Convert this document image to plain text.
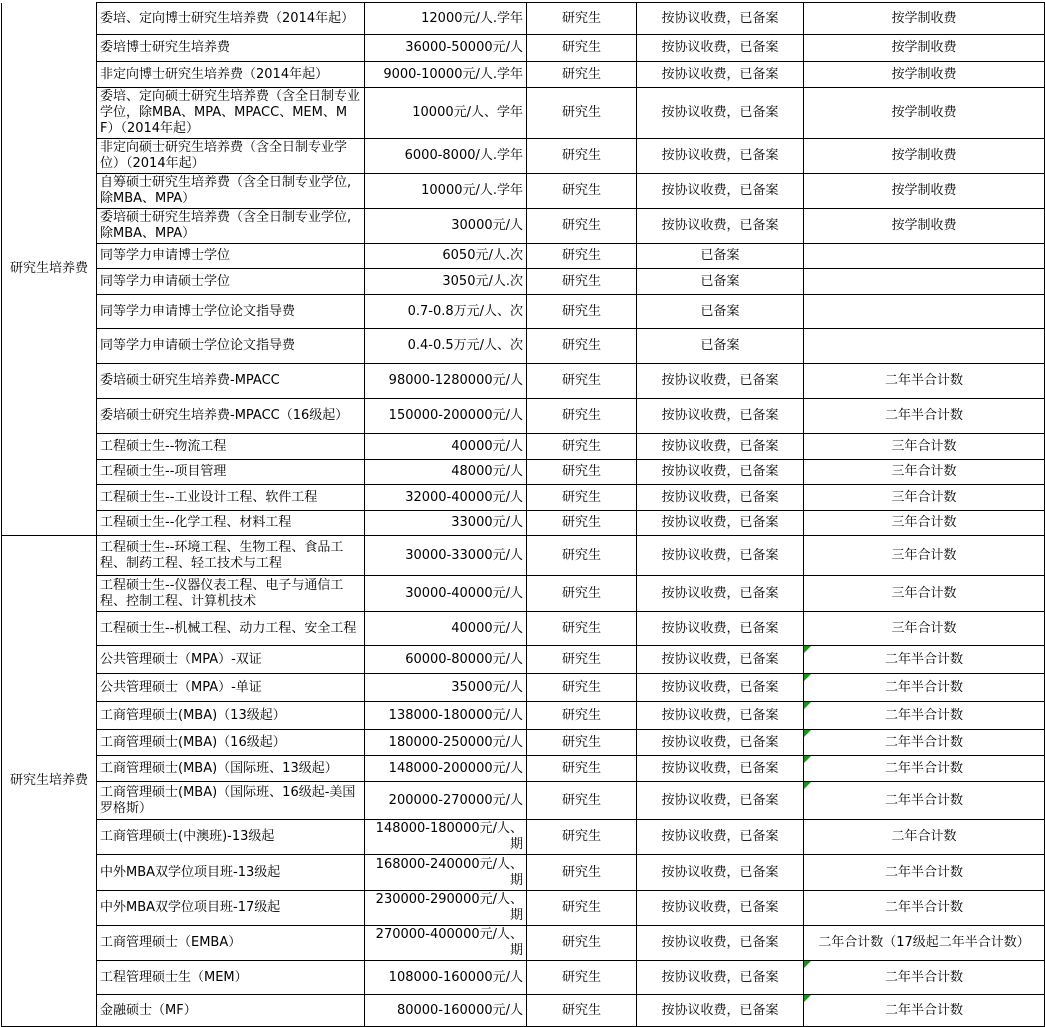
研究生培养费	委培、定向博士研究生培养费（2014年起）	12000元/人.学年	研究生	按协议收费，已备案	按学制收费
	委培博士研究生培养费	36000-50000元/人	研究生	按协议收费，已备案	按学制收费
	非定向博士研究生培养费（2014年起）	9000-10000元/人.学年	研究生	按协议收费，已备案	按学制收费
	委培、定向硕士研究生培养费（含全日制专业学位，除MBA、MPA、MPACC、MEM、MF）（2014年起）	10000元/人、学年	研究生	按协议收费，已备案	按学制收费
	非定向硕士研究生培养费（含全日制专业学位）（2014年起）	6000-8000/人.学年	研究生	按协议收费，已备案	按学制收费
	自筹硕士研究生培养费（含全日制专业学位,除MBA、MPA）	10000元/人.学年	研究生	按协议收费，已备案	按学制收费
	委培硕士研究生培养费（含全日制专业学位,除MBA、MPA）	30000元/人	研究生	按协议收费，已备案	按学制收费
	同等学力申请博士学位	6050元/人.次	研究生	已备案	
	同等学力申请硕士学位	3050元/人.次	研究生	已备案	
	同等学力申请博士学位论文指导费	0.7-0.8万元/人、次	研究生	已备案	
	同等学力申请硕士学位论文指导费	0.4-0.5万元/人、次	研究生	已备案	
	委培硕士研究生培养费-MPACC	98000-1280000元/人	研究生	按协议收费，已备案	二年半合计数
	委培硕士研究生培养费-MPACC（16级起）	150000-200000元/人	研究生	按协议收费，已备案	二年半合计数
	工程硕士生--物流工程	40000元/人	研究生	按协议收费，已备案	三年合计数
	工程硕士生--项目管理	48000元/人	研究生	按协议收费，已备案	三年合计数
	工程硕士生--工业设计工程、软件工程	32000-40000元/人	研究生	按协议收费，已备案	三年合计数
	工程硕士生--化学工程、材料工程	33000元/人	研究生	按协议收费，已备案	三年合计数
研究生培养费	工程硕士生--环境工程、生物工程、食品工程、制药工程、轻工技术与工程	30000-33000元/人	研究生	按协议收费，已备案	三年合计数
	工程硕士生--仪器仪表工程、电子与通信工程、控制工程、计算机技术	30000-40000元/人	研究生	按协议收费，已备案	三年合计数
	工程硕士生--机械工程、动力工程、安全工程	40000元/人	研究生	按协议收费，已备案	三年合计数
	公共管理硕士（MPA）-双证	60000-80000元/人	研究生	按协议收费，已备案	二年半合计数

	公共管理硕士（MPA）-单证	35000元/人	研究生	按协议收费，已备案	二年半合计数

	工商管理硕士(MBA)（13级起）	138000-180000元/人	研究生	按协议收费，已备案	二年半合计数

	工商管理硕士(MBA)（16级起）	180000-250000元/人	研究生	按协议收费，已备案	二年半合计数

	工商管理硕士(MBA)（国际班、13级起）	148000-200000元/人	研究生	按协议收费，已备案	二年半合计数

	工商管理硕士(MBA)（国际班、16级起-美国罗格斯）	200000-270000元/人	研究生	按协议收费，已备案	二年半合计数

	工商管理硕士(中澳班)-13级起	148000-180000元/人、期	研究生	按协议收费，已备案	二年合计数
	中外MBA双学位项目班-13级起	168000-240000元/人、期	研究生	按协议收费，已备案	二年半合计数
	中外MBA双学位项目班-17级起	230000-290000元/人、期	研究生	按协议收费，已备案	二年半合计数
	工商管理硕士（EMBA）	270000-400000元/人、期	研究生	按协议收费，已备案	二年合计数（17级起二年半合计数）
	工程管理硕士生（MEM）	108000-160000元/人	研究生	按协议收费，已备案	二年半合计数

	金融硕士（MF）	80000-160000元/人	研究生	按协议收费，已备案	二年半合计数
